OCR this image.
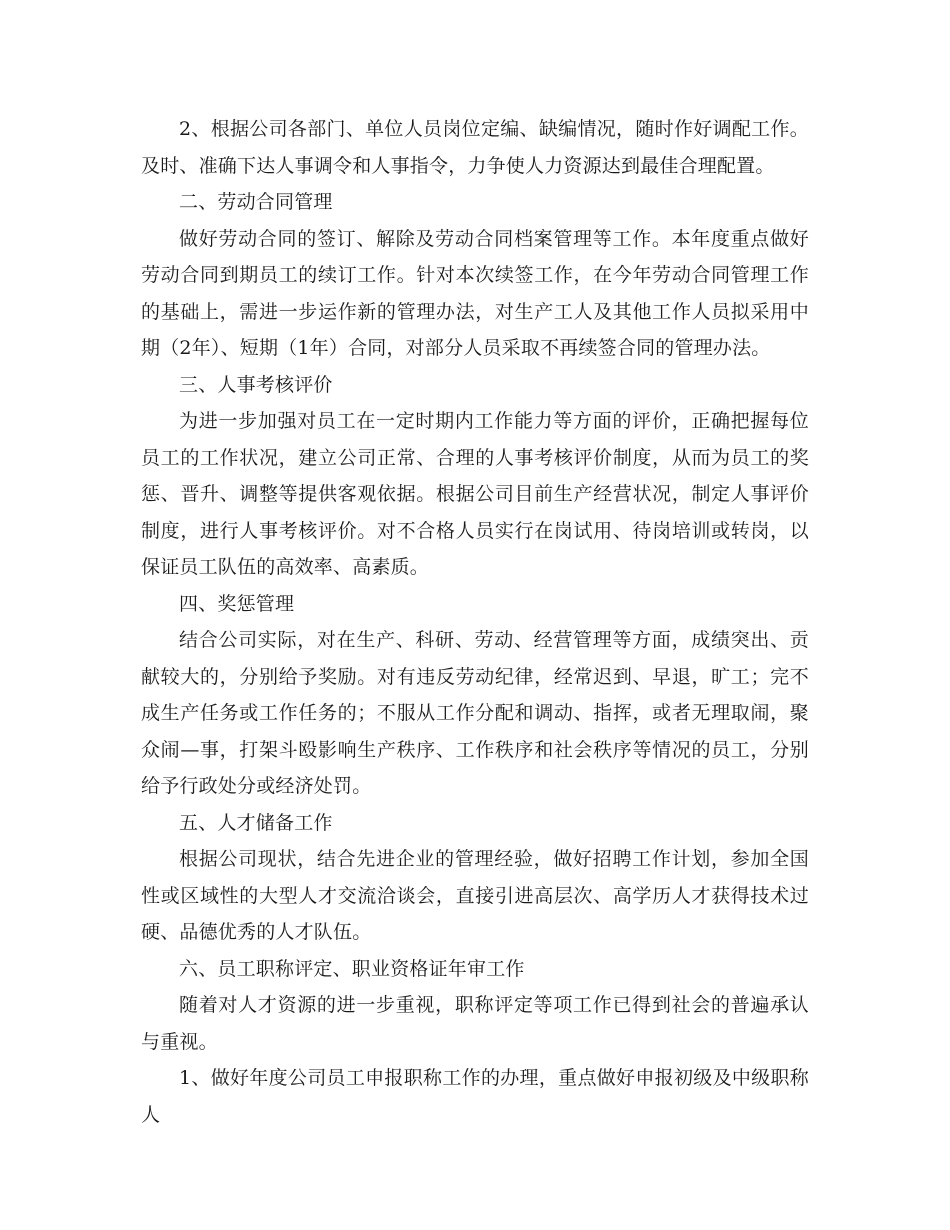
2、根据公司各部门、单位人员岗位定编、缺编情况，随时作好调配工作。及时、准确下达人事调令和人事指令，力争使人力资源达到最佳合理配置。

二、劳动合同管理

做好劳动合同的签订、解除及劳动合同档案管理等工作。本年度重点做好劳动合同到期员工的续订工作。针对本次续签工作，在今年劳动合同管理工作的基础上，需进一步运作新的管理办法，对生产工人及其他工作人员拟采用中期（2年）、短期（1年）合同，对部分人员采取不再续签合同的管理办法。

三、人事考核评价

为进一步加强对员工在一定时期内工作能力等方面的评价，正确把握每位员工的工作状况，建立公司正常、合理的人事考核评价制度，从而为员工的奖惩、晋升、调整等提供客观依据。根据公司目前生产经营状况，制定人事评价制度，进行人事考核评价。对不合格人员实行在岗试用、待岗培训或转岗，以保证员工队伍的高效率、高素质。

四、奖惩管理

结合公司实际，对在生产、科研、劳动、经营管理等方面，成绩突出、贡献较大的，分别给予奖励。对有违反劳动纪律，经常迟到、早退，旷工；完不成生产任务或工作任务的；不服从工作分配和调动、指挥，或者无理取闹，聚众闹—事，打架斗殴影响生产秩序、工作秩序和社会秩序等情况的员工，分别给予行政处分或经济处罚。

五、人才储备工作

根据公司现状，结合先进企业的管理经验，做好招聘工作计划，参加全国性或区域性的大型人才交流洽谈会，直接引进高层次、高学历人才获得技术过硬、品德优秀的人才队伍。

六、员工职称评定、职业资格证年审工作

随着对人才资源的进一步重视，职称评定等项工作已得到社会的普遍承认与重视。

1、做好年度公司员工申报职称工作的办理，重点做好申报初级及中级职称人
